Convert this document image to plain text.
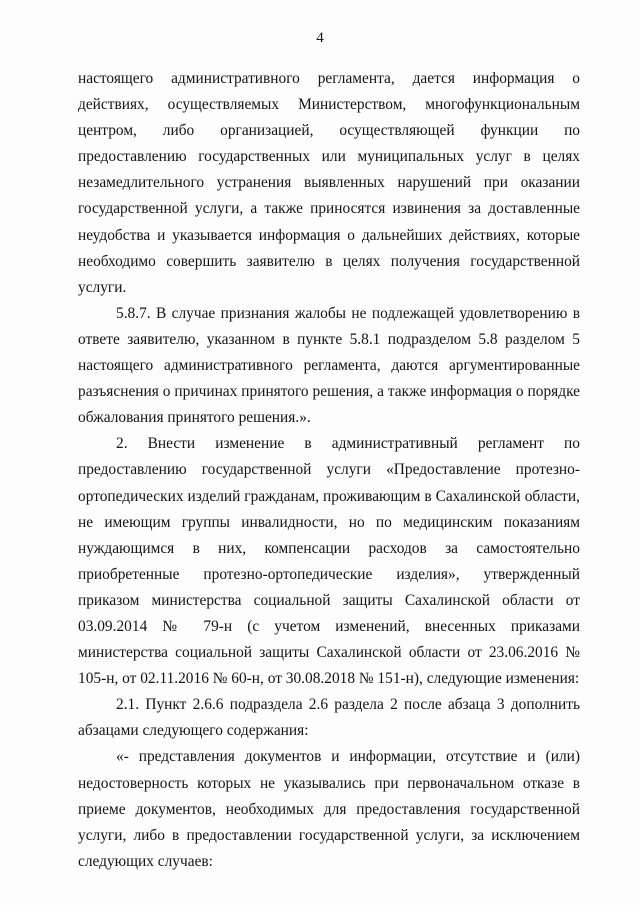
4

настоящего административного регламента, дается информация о действиях, осуществляемых Министерством, многофункциональным центром, либо организацией, осуществляющей функции по предоставлению государственных или муниципальных услуг в целях незамедлительного устранения выявленных нарушений при оказании государственной услуги, а также приносятся извинения за доставленные неудобства и указывается информация о дальнейших действиях, которые необходимо совершить заявителю в целях получения государственной услуги.

5.8.7. В случае признания жалобы не подлежащей удовлетворению в ответе заявителю, указанном в пункте 5.8.1 подразделом 5.8 разделом 5 настоящего административного регламента, даются аргументированные разъяснения о причинах принятого решения, а также информация о порядке обжалования принятого решения.».

2. Внести изменение в административный регламент по предоставлению государственной услуги «Предоставление протезно-ортопедических изделий гражданам, проживающим в Сахалинской области, не имеющим группы инвалидности, но по медицинским показаниям нуждающимся в них, компенсации расходов за самостоятельно приобретенные протезно-ортопедические изделия», утвержденный приказом министерства социальной защиты Сахалинской области от 03.09.2014 № 79-н (с учетом изменений, внесенных приказами министерства социальной защиты Сахалинской области от 23.06.2016 № 105-н, от 02.11.2016 № 60-н, от 30.08.2018 № 151-н), следующие изменения:

2.1. Пункт 2.6.6 подраздела 2.6 раздела 2 после абзаца 3 дополнить абзацами следующего содержания:

«- представления документов и информации, отсутствие и (или) недостоверность которых не указывались при первоначальном отказе в приеме документов, необходимых для предоставления государственной услуги, либо в предоставлении государственной услуги, за исключением следующих случаев:
